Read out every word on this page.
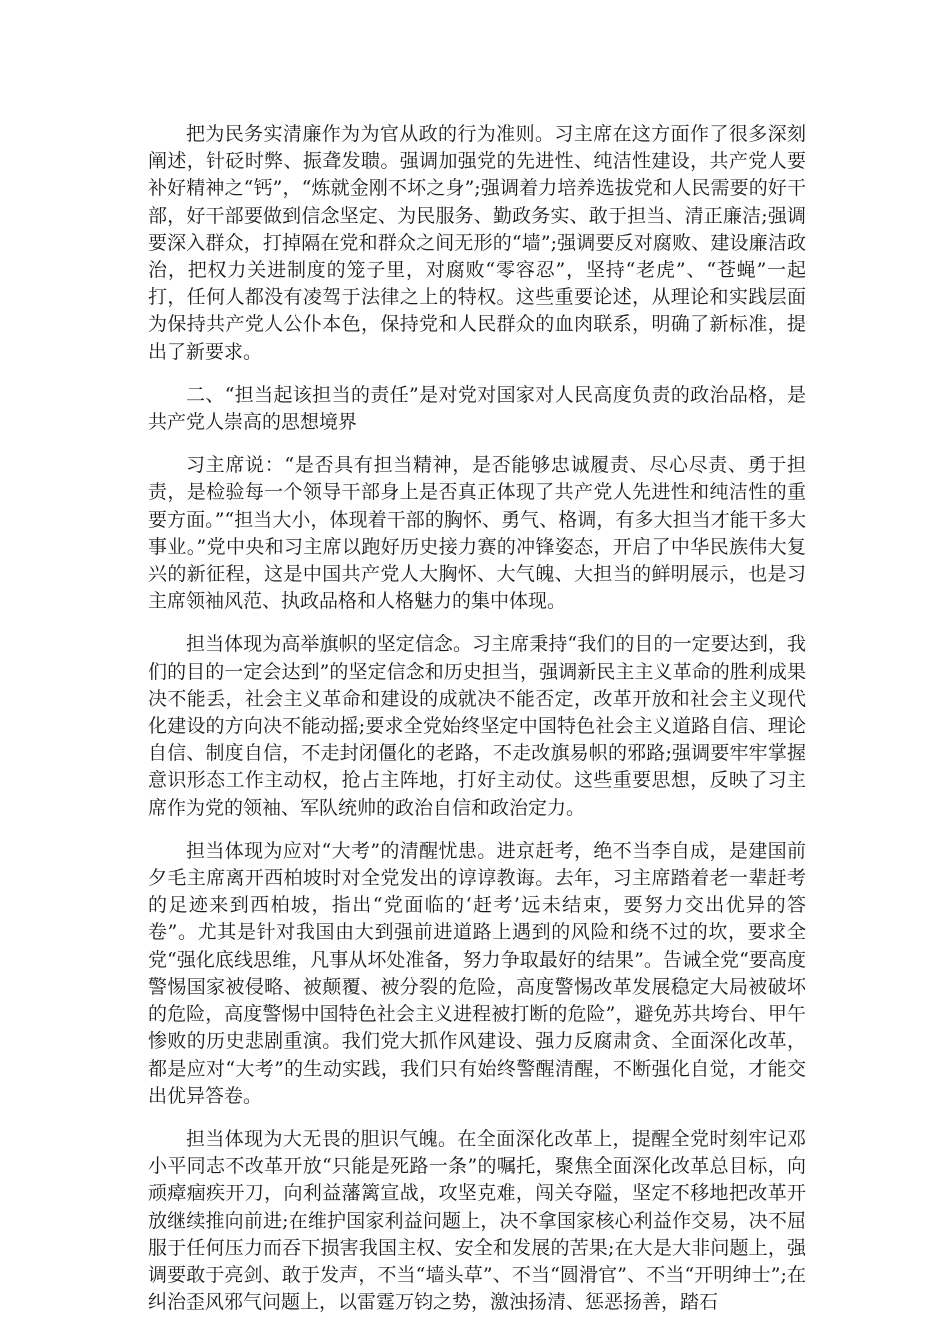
把为民务实清廉作为为官从政的行为准则。习主席在这方面作了很多深刻阐述，针砭时弊、振聋发聩。强调加强党的先进性、纯洁性建设，共产党人要补好精神之“钙”，“炼就金刚不坏之身”;强调着力培养选拔党和人民需要的好干部，好干部要做到信念坚定、为民服务、勤政务实、敢于担当、清正廉洁;强调要深入群众，打掉隔在党和群众之间无形的“墙”;强调要反对腐败、建设廉洁政治，把权力关进制度的笼子里，对腐败“零容忍”，坚持“老虎”、“苍蝇”一起打，任何人都没有凌驾于法律之上的特权。这些重要论述，从理论和实践层面为保持共产党人公仆本色，保持党和人民群众的血肉联系，明确了新标准，提出了新要求。

二、“担当起该担当的责任”是对党对国家对人民高度负责的政治品格，是共产党人崇高的思想境界

习主席说：“是否具有担当精神，是否能够忠诚履责、尽心尽责、勇于担责，是检验每一个领导干部身上是否真正体现了共产党人先进性和纯洁性的重要方面。”“担当大小，体现着干部的胸怀、勇气、格调，有多大担当才能干多大事业。”党中央和习主席以跑好历史接力赛的冲锋姿态，开启了中华民族伟大复兴的新征程，这是中国共产党人大胸怀、大气魄、大担当的鲜明展示，也是习主席领袖风范、执政品格和人格魅力的集中体现。

担当体现为高举旗帜的坚定信念。习主席秉持“我们的目的一定要达到，我们的目的一定会达到”的坚定信念和历史担当，强调新民主主义革命的胜利成果决不能丢，社会主义革命和建设的成就决不能否定，改革开放和社会主义现代化建设的方向决不能动摇;要求全党始终坚定中国特色社会主义道路自信、理论自信、制度自信，不走封闭僵化的老路，不走改旗易帜的邪路;强调要牢牢掌握意识形态工作主动权，抢占主阵地，打好主动仗。这些重要思想，反映了习主席作为党的领袖、军队统帅的政治自信和政治定力。

担当体现为应对“大考”的清醒忧患。进京赶考，绝不当李自成，是建国前夕毛主席离开西柏坡时对全党发出的谆谆教诲。去年，习主席踏着老一辈赶考的足迹来到西柏坡，指出“党面临的‘赶考’远未结束，要努力交出优异的答卷”。尤其是针对我国由大到强前进道路上遇到的风险和绕不过的坎，要求全党“强化底线思维，凡事从坏处准备，努力争取最好的结果”。告诫全党“要高度警惕国家被侵略、被颠覆、被分裂的危险，高度警惕改革发展稳定大局被破坏的危险，高度警惕中国特色社会主义进程被打断的危险”，避免苏共垮台、甲午惨败的历史悲剧重演。我们党大抓作风建设、强力反腐肃贪、全面深化改革，都是应对“大考”的生动实践，我们只有始终警醒清醒，不断强化自觉，才能交出优异答卷。

担当体现为大无畏的胆识气魄。在全面深化改革上，提醒全党时刻牢记邓小平同志不改革开放“只能是死路一条”的嘱托，聚焦全面深化改革总目标，向顽瘴痼疾开刀，向利益藩篱宣战，攻坚克难，闯关夺隘，坚定不移地把改革开放继续推向前进;在维护国家利益问题上，决不拿国家核心利益作交易，决不屈服于任何压力而吞下损害我国主权、安全和发展的苦果;在大是大非问题上，强调要敢于亮剑、敢于发声，不当“墙头草”、不当“圆滑官”、不当“开明绅士”;在纠治歪风邪气问题上，以雷霆万钧之势，激浊扬清、惩恶扬善，踏石
